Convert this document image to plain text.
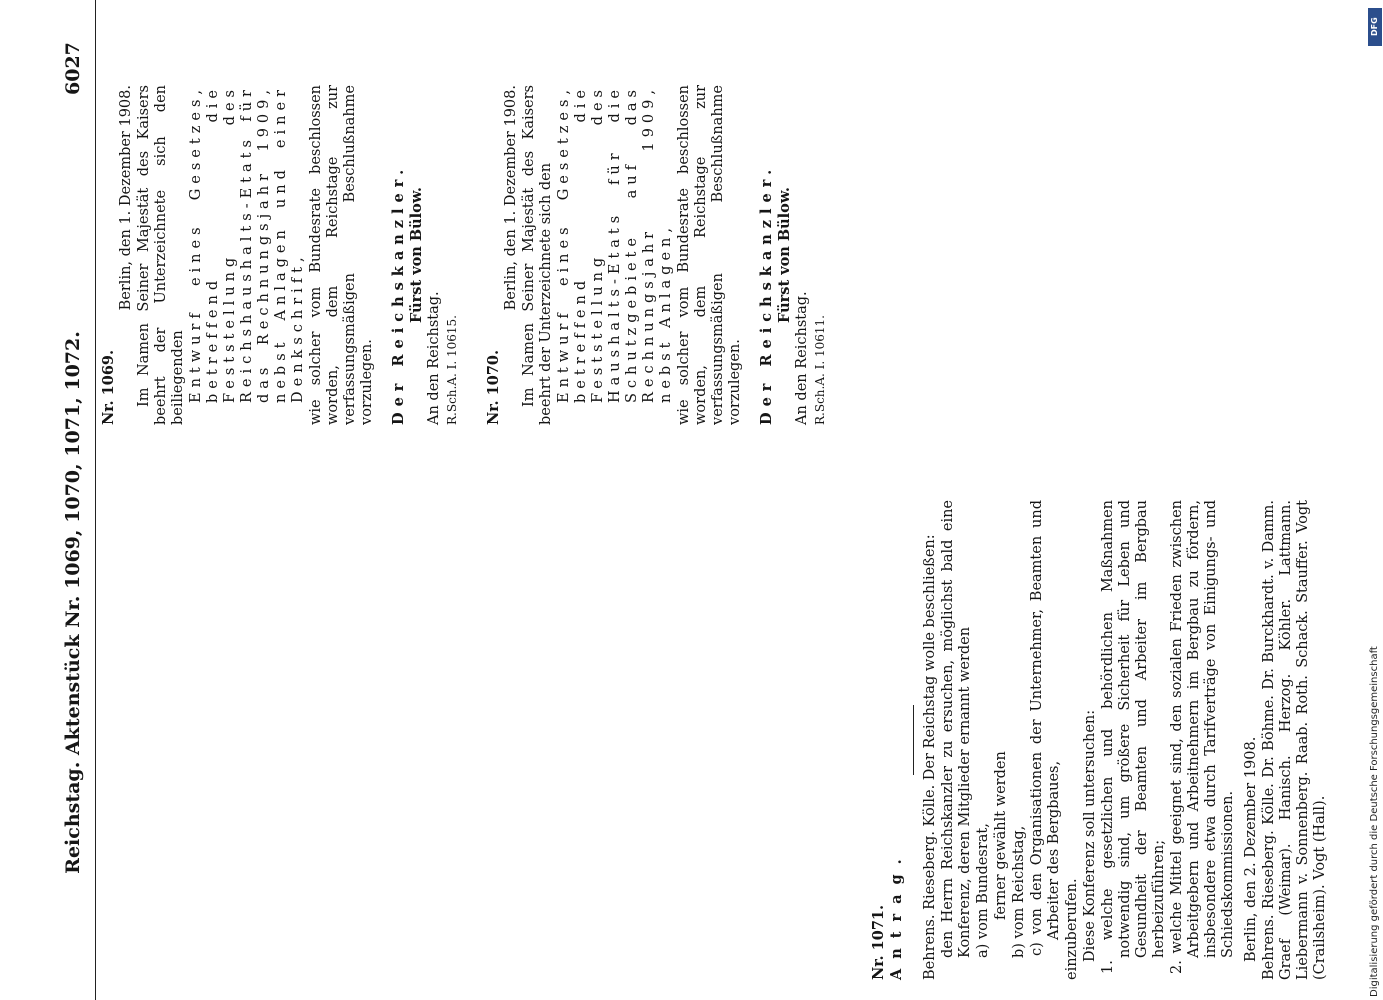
Reichstag. Aktenstück Nr. 1069, 1070, 1071, 1072.
6027

Nr. 1069.

Berlin, den 1. Dezember 1908. Im Namen Seiner Majestät des Kaisers beehrt der Unterzeichnete sich den beiliegenden Entwurf eines Gesetzes, betreffend die Feststellung des Reichshaushalts-Etats für das Rechnungsjahr 1909, nebst Anlagen und einer Denkschrift, wie solcher vom Bundesrate beschlossen worden, dem Reichstage zur verfassungsmäßigen Beschlußnahme vorzulegen. Der Reichskanzler. Fürst von Bülow.

An den Reichstag. R.Sch.A. I. 10615. Nr. 1070.

Berlin, den 1. Dezember 1908. Im Namen Seiner Majestät des Kaisers beehrt der Unterzeichnete sich den Entwurf eines Gesetzes, betreffend die Feststellung des Haushalts-Etats für die Schutzgebiete auf das Rechnungsjahr 1909, nebst Anlagen, wie solcher vom Bundesrate beschlossen worden, dem Reichstage zur verfassungsmäßigen Beschlußnahme vorzulegen. Der Reichskanzler. Fürst von Bülow.

An den Reichstag. R.Sch.A. I. 10611.

Nr. 1071. Antrag. Behrens. Rieseberg. Kölle. Der Reichstag wolle beschließen: den Herrn Reichskanzler zu ersuchen, möglichst bald eine Konferenz, deren Mitglieder ernannt werden a) vom Bundesrat, ferner gewählt werden b) vom Reichstag, c) von den Organisationen der Unternehmer, Beamten und Arbeiter des Bergbaues, einzuberufen. Diese Konferenz soll untersuchen: 1. welche gesetzlichen und behördlichen Maßnahmen notwendig sind, um größere Sicherheit für Leben und Gesundheit der Beamten und Arbeiter im Bergbau herbeizuführen; 2. welche Mittel geeignet sind, den sozialen Frieden zwischen Arbeitgebern und Arbeitnehmern im Bergbau zu fördern, insbesondere etwa durch Tarifverträge von Einigungs- und Schiedskommissionen. Berlin, den 2. Dezember 1908. Behrens. Rieseberg. Kölle. Dr. Böhme. Dr. Burckhardt. v. Damm. Graef (Weimar). Hanisch. Herzog. Köhler. Lattmann. Liebermann v. Sonnenberg. Raab. Roth. Schack. Stauffer. Vogt (Crailsheim). Vogt (Hall).

DFG
Digitalisierung gefördert durch die Deutsche Forschungsgemeinschaft
